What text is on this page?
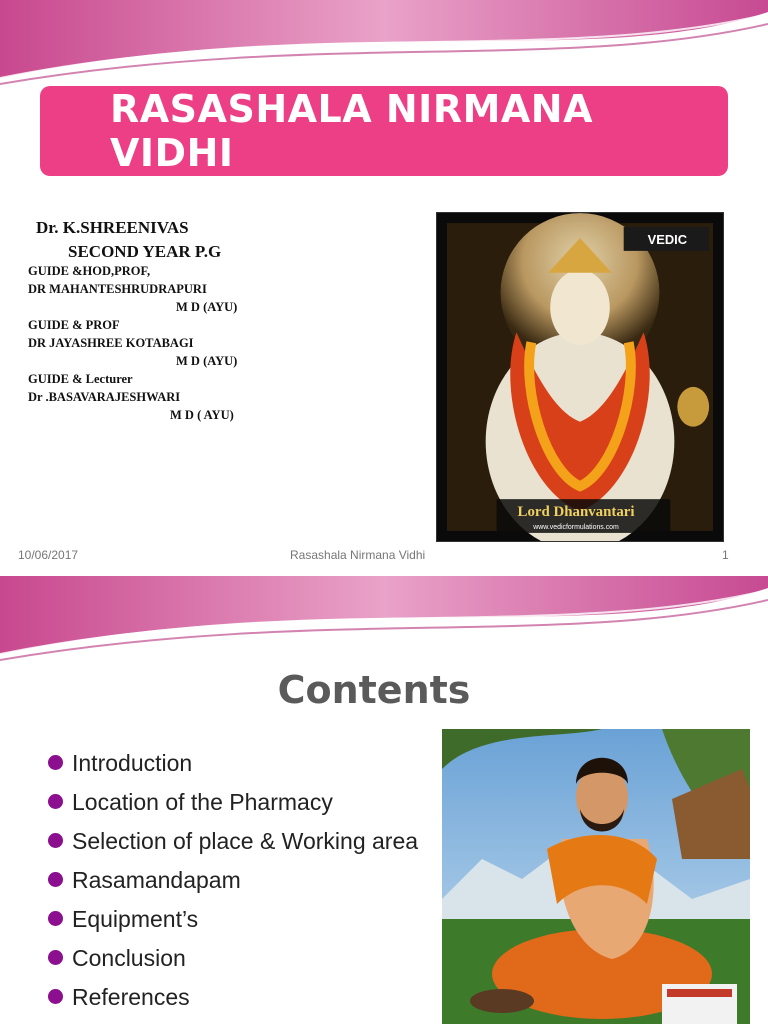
RASASHALA NIRMANA VIDHI
Dr. K.SHREENIVAS
SECOND YEAR P.G
GUIDE &HOD,PROF,
DR MAHANTESHRUDRAPURI
M D (AYU)
GUIDE & PROF
DR JAYASHREE KOTABAGI
M D (AYU)
GUIDE & Lecturer
Dr .BASAVARAJESHWARI
M D ( AYU)
VEDIC
Lord Dhanvantari
www.vedicformulations.com
10/06/2017	Rasashala Nirmana Vidhi	1
Contents
Introduction
Location of the Pharmacy
Selection of place & Working area
Rasamandapam
Equipment’s
Conclusion
References
